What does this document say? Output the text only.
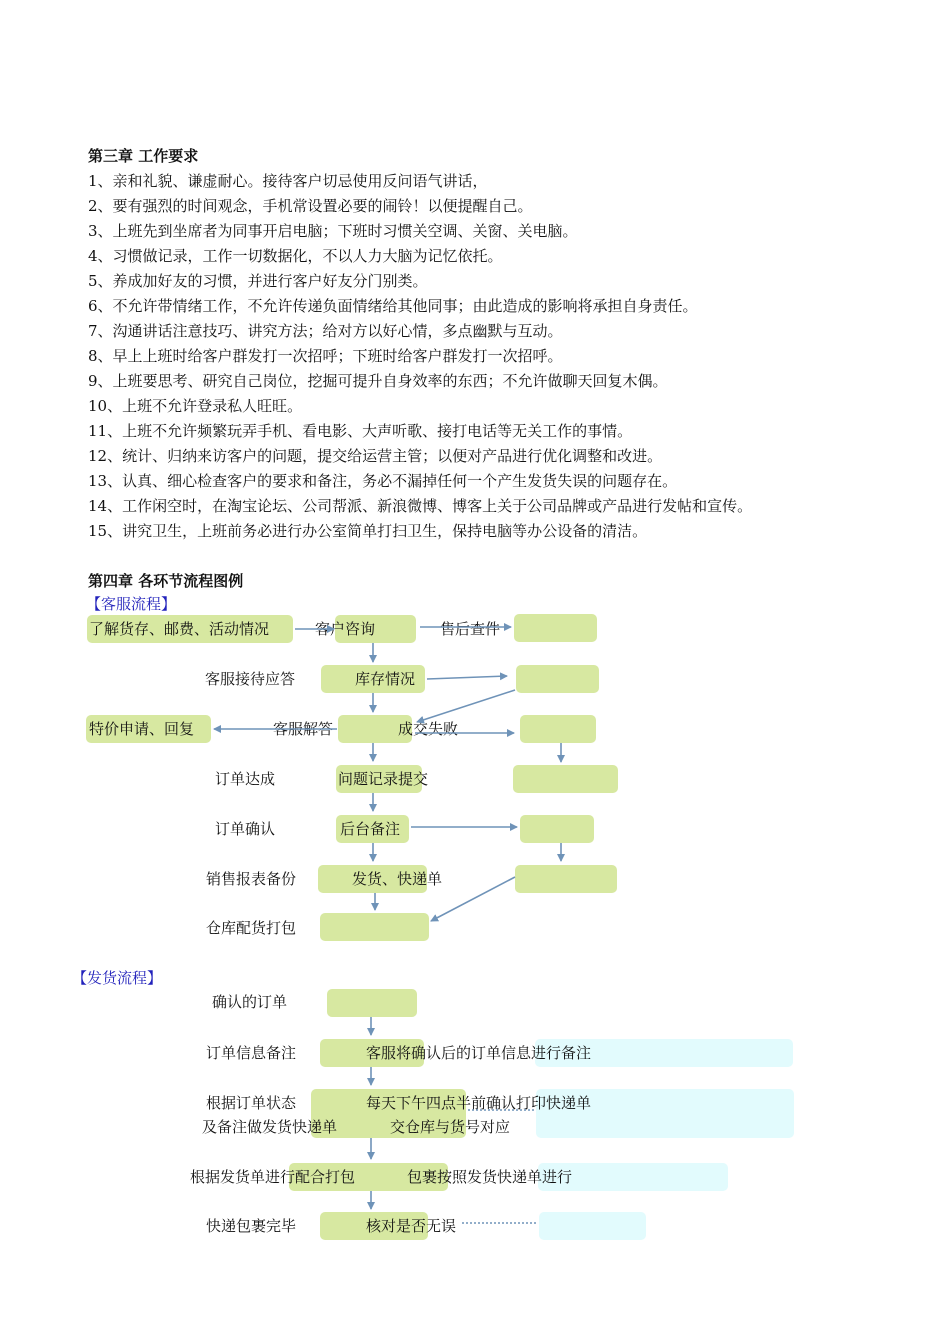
第三章 工作要求
1、亲和礼貌、谦虚耐心。接待客户切忌使用反问语气讲话，
2、要有强烈的时间观念，手机常设置必要的闹铃！以便提醒自己。
3、上班先到坐席者为同事开启电脑；下班时习惯关空调、关窗、关电脑。
4、习惯做记录，工作一切数据化，不以人力大脑为记忆依托。
5、养成加好友的习惯，并进行客户好友分门别类。
6、不允许带情绪工作，不允许传递负面情绪给其他同事；由此造成的影响将承担自身责任。
7、沟通讲话注意技巧、讲究方法；给对方以好心情，多点幽默与互动。
8、早上上班时给客户群发打一次招呼；下班时给客户群发打一次招呼。
9、上班要思考、研究自己岗位，挖掘可提升自身效率的东西；不允许做聊天回复木偶。
10、上班不允许登录私人旺旺。
11、上班不允许频繁玩弄手机、看电影、大声听歌、接打电话等无关工作的事情。
12、统计、归纳来访客户的问题，提交给运营主管；以便对产品进行优化调整和改进。
13、认真、细心检查客户的要求和备注，务必不漏掉任何一个产生发货失误的问题存在。
14、工作闲空时，在淘宝论坛、公司帮派、新浪微博、博客上关于公司品牌或产品进行发帖和宣传。
15、讲究卫生，上班前务必进行办公室简单打扫卫生，保持电脑等办公设备的清洁。
第四章 各环节流程图例
【客服流程】
了解货存、邮费、活动情况	客户咨询	售后查件
客服接待应答	库存情况
特价申请、回复	客服解答	成交失败
订单达成	问题记录提交
订单确认	后台备注
销售报表备份	发货、快递单
仓库配货打包
【发货流程】
确认的订单
订单信息备注	客服将确认后的订单信息进行备注
根据订单状态	每天下午四点半前确认打印快递单
及备注做发货快递单	交仓库与货号对应
根据发货单进行配合打包	包裹按照发货快递单进行
快递包裹完毕	核对是否无误
